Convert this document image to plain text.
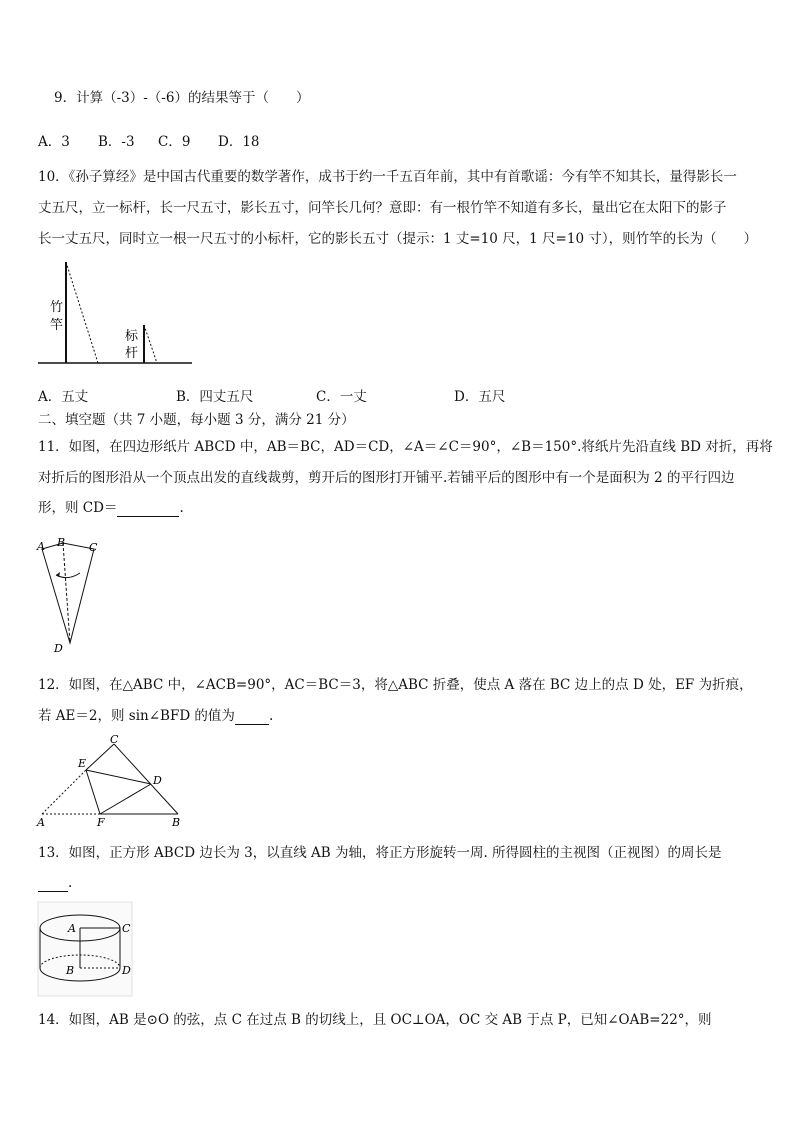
9．计算（-3）-（-6）的结果等于（　　）
A．3 B．-3 C．9 D．18
10．《孙子算经》是中国古代重要的数学著作，成书于约一千五百年前，其中有首歌谣：今有竿不知其长，量得影长一
丈五尺，立一标杆，长一尺五寸，影长五寸，问竿长几何？意即：有一根竹竿不知道有多长，量出它在太阳下的影子
长一丈五尺，同时立一根一尺五寸的小标杆，它的影长五寸（提示：1 丈=10 尺，1 尺=10 寸），则竹竿的长为（　　）
竹
竿
标
杆
A．五丈	B．四丈五尺	C．一丈	D．五尺
二、填空题（共 7 小题，每小题 3 分，满分 21 分）
11．如图，在四边形纸片 ABCD 中，AB＝BC，AD＝CD，∠A＝∠C＝90°，∠B＝150°.将纸片先沿直线 BD 对折，再将
对折后的图形沿从一个顶点出发的直线裁剪，剪开后的图形打开铺平.若铺平后的图形中有一个是面积为 2 的平行四边
形，则 CD＝	.
A B C
D
12．如图，在△ABC 中，∠ACB=90°，AC＝BC＝3，将△ABC 折叠，使点 A 落在 BC 边上的点 D 处，EF 为折痕，
若 AE＝2，则 sin∠BFD 的值为	.
C
E
D
A	F	B
13．如图，正方形 ABCD 边长为 3，以直线 AB 为轴，将正方形旋转一周. 所得圆柱的主视图（正视图）的周长是
.
A	C
B	D
14．如图，AB 是⊙O 的弦，点 C 在过点 B 的切线上，且 OC⊥OA，OC 交 AB 于点 P，已知∠OAB=22°，则
